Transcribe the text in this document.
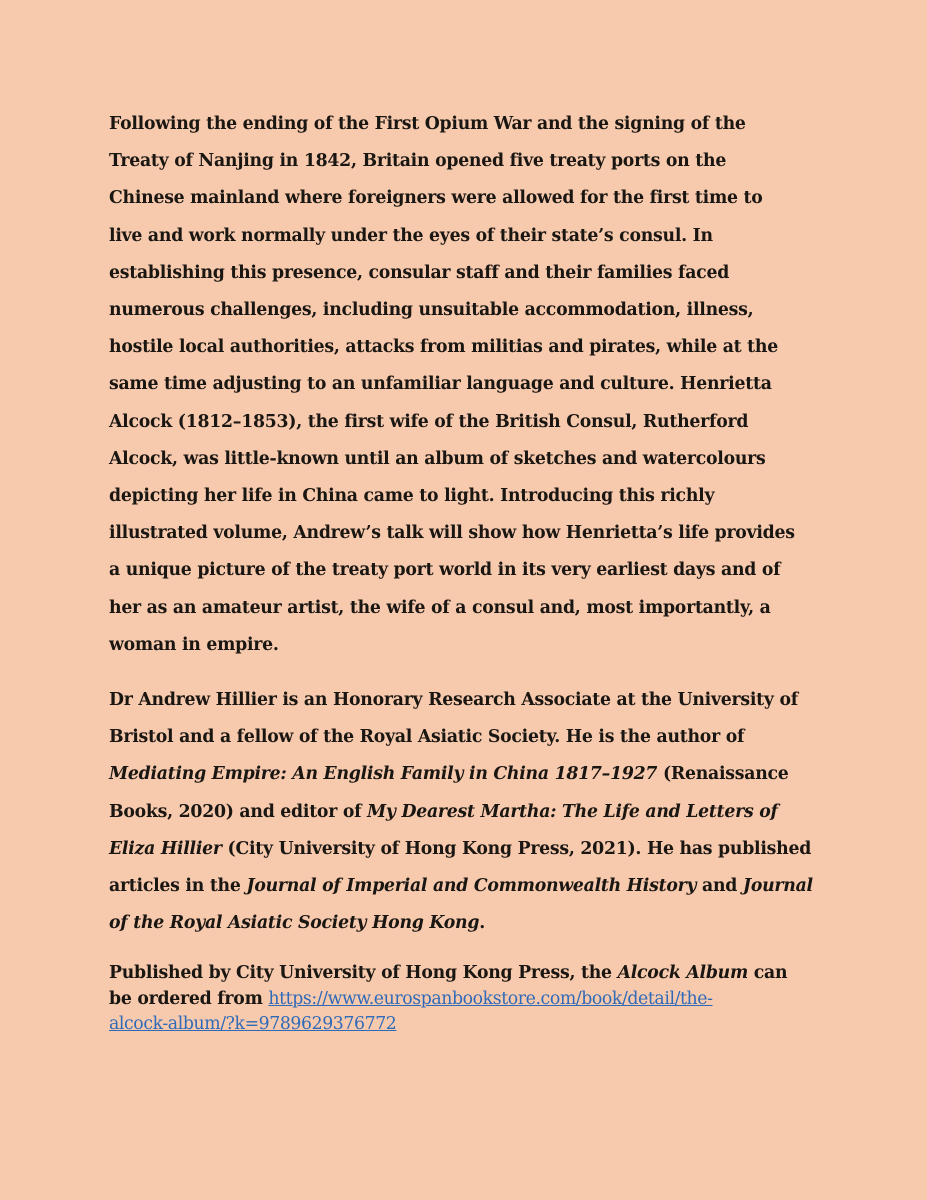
Following the ending of the First Opium War and the signing of the
Treaty of Nanjing in 1842, Britain opened five treaty ports on the
Chinese mainland where foreigners were allowed for the first time to
live and work normally under the eyes of their state’s consul. In
establishing this presence, consular staff and their families faced
numerous challenges, including unsuitable accommodation, illness,
hostile local authorities, attacks from militias and pirates, while at the
same time adjusting to an unfamiliar language and culture. Henrietta
Alcock (1812–1853), the first wife of the British Consul, Rutherford
Alcock, was little-known until an album of sketches and watercolours
depicting her life in China came to light. Introducing this richly
illustrated volume, Andrew’s talk will show how Henrietta’s life provides
a unique picture of the treaty port world in its very earliest days and of
her as an amateur artist, the wife of a consul and, most importantly, a
woman in empire.

Dr Andrew Hillier is an Honorary Research Associate at the University of
Bristol and a fellow of the Royal Asiatic Society. He is the author of
Mediating Empire: An English Family in China 1817–1927 (Renaissance
Books, 2020) and editor of My Dearest Martha: The Life and Letters of
Eliza Hillier (City University of Hong Kong Press, 2021). He has published
articles in the Journal of Imperial and Commonwealth History and Journal
of the Royal Asiatic Society Hong Kong.

Published by City University of Hong Kong Press, the Alcock Album can
be ordered from https://www.eurospanbookstore.com/book/detail/the-
alcock-album/?k=9789629376772
